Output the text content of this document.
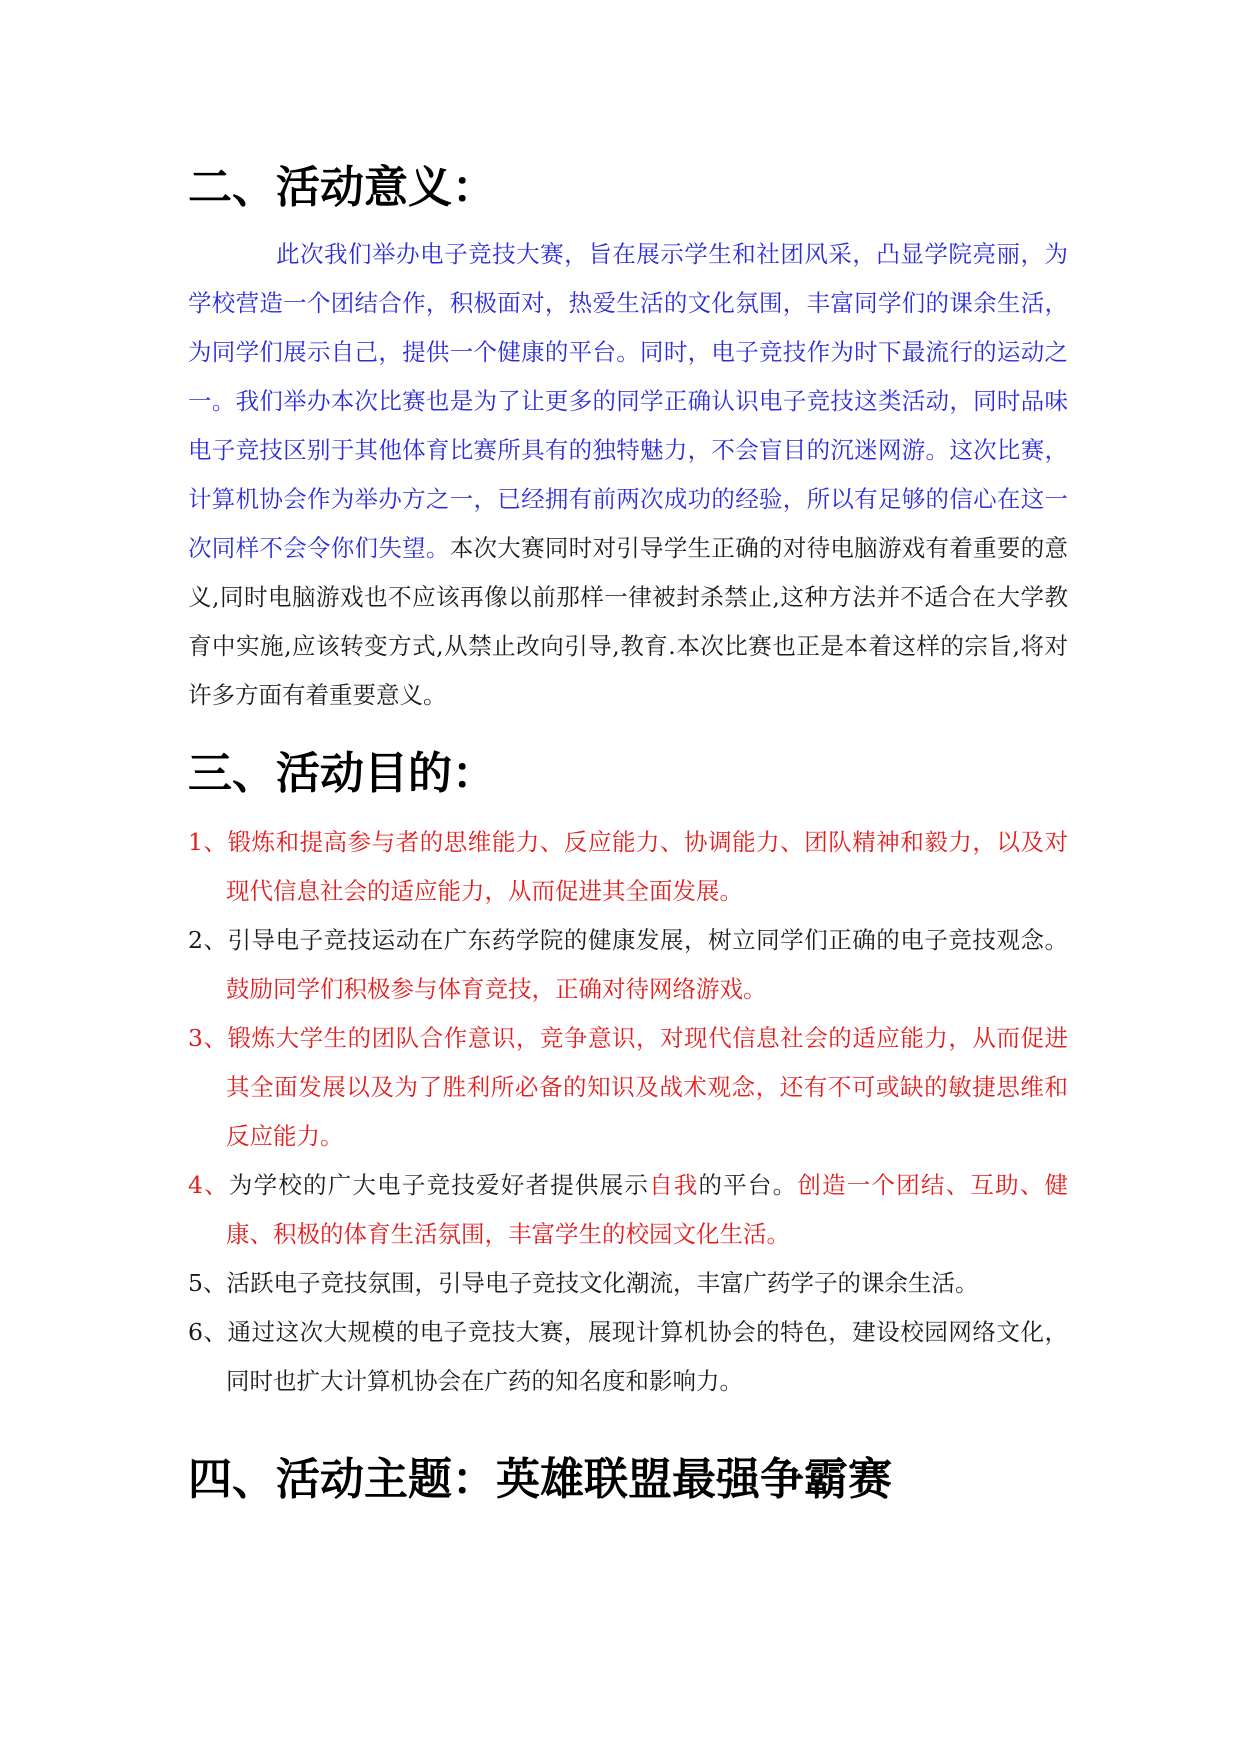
二、活动意义：

此次我们举办电子竞技大赛，旨在展示学生和社团风采，凸显学院亮丽，为学校营造一个团结合作，积极面对，热爱生活的文化氛围，丰富同学们的课余生活，为同学们展示自己，提供一个健康的平台。同时，电子竞技作为时下最流行的运动之一。我们举办本次比赛也是为了让更多的同学正确认识电子竞技这类活动，同时品味电子竞技区别于其他体育比赛所具有的独特魅力，不会盲目的沉迷网游。这次比赛，计算机协会作为举办方之一，已经拥有前两次成功的经验，所以有足够的信心在这一次同样不会令你们失望。本次大赛同时对引导学生正确的对待电脑游戏有着重要的意义,同时电脑游戏也不应该再像以前那样一律被封杀禁止,这种方法并不适合在大学教育中实施,应该转变方式,从禁止改向引导,教育.本次比赛也正是本着这样的宗旨,将对许多方面有着重要意义。

三、活动目的：
1、锻炼和提高参与者的思维能力、反应能力、协调能力、团队精神和毅力，以及对现代信息社会的适应能力，从而促进其全面发展。
2、引导电子竞技运动在广东药学院的健康发展，树立同学们正确的电子竞技观念。鼓励同学们积极参与体育竞技，正确对待网络游戏。
3、锻炼大学生的团队合作意识，竞争意识，对现代信息社会的适应能力，从而促进其全面发展以及为了胜利所必备的知识及战术观念，还有不可或缺的敏捷思维和反应能力。
4、为学校的广大电子竞技爱好者提供展示自我的平台。创造一个团结、互助、健康、积极的体育生活氛围，丰富学生的校园文化生活。
5、活跃电子竞技氛围，引导电子竞技文化潮流，丰富广药学子的课余生活。
6、通过这次大规模的电子竞技大赛，展现计算机协会的特色，建设校园网络文化，同时也扩大计算机协会在广药的知名度和影响力。
四、活动主题：英雄联盟最强争霸赛
